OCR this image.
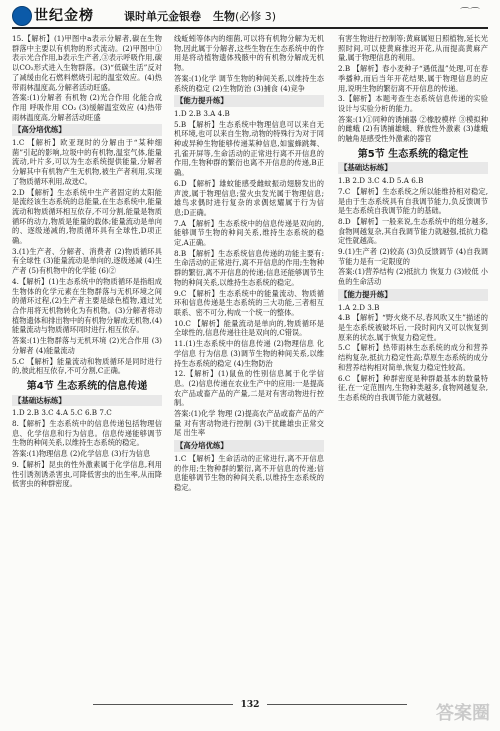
世纪金榜	课时单元金银卷 生物(必修 3)	⌒⌒

15.【解析】(1)甲图中a表示分解者,碳在生物群落中主要以有机物的形式流动。(2)甲图中①表示光合作用,b表示生产者,③表示呼吸作用,碳以CO₂形式进入生物群落。(3)“低碳生活”反对了减缓由化石燃料燃烧引起的温室效应。(4)热带雨林温度高,分解者活动旺盛。

答案:(1)分解者 有机物 (2)光合作用 化能合成作用 呼吸作用 CO₂ (3)缓解温室效应 (4)热带雨林温度高,分解者活动旺盛

【高分培优练】

1.C 【解析】欧亚现时的分解由于“某种细菌”引起的影响,垃圾中的有机物,温室气体,能量流动,叶片多,可以为生态系统提供能量,分解者分解其中有机物产生无机物,被生产者利用,实现了物质循环利用,故选C。

2.D 【解析】生态系统中生产者固定的太阳能是流经该生态系统的总能量,在生态系统中,能量流动和物质循环相互依存,不可分割,能量是物质循环的动力,物质是能量的载体;能量流动是单向的、逐级递减的,物质循环具有全球性,D项正确。

3.(1)生产者、分解者、消费者 (2)物质循环具有全球性 (3)能量流动是单向的,逐级递减 (4)生产者 (5)有机物中的化学能 (6)②

4.【解析】(1)生态系统中的物质循环是指组成生物体的化学元素在生物群落与无机环境之间的循环过程,(2)生产者主要是绿色植物,通过光合作用将无机物转化为有机物。(3)分解者将动植物遗体和排出物中的有机物分解成无机物,(4)能量流动与物质循环同时进行,相互依存。

答案:(1)生物群落与无机环境 (2)光合作用 (3)分解者 (4)能量流动

5.C 【解析】能量流动和物质循环是同时进行的,彼此相互依存,不可分割,C正确。

第4节 生态系统的信息传递
【基础达标练】

1.D 2.B 3.C 4.A 5.C 6.B 7.C

8.【解析】生态系统中的信息传递包括物理信息、化学信息和行为信息。信息传递能够调节生物的种间关系,以维持生态系统的稳定。

答案:(1)物理信息 (2)化学信息 (3)行为信息

9.【解析】昆虫的性外激素属于化学信息,利用性引诱剂诱杀害虫,可降低害虫的出生率,从而降低害虫的种群密度。

线蚯蚓等体内的细菌,可以将有机物分解为无机物,因此属于分解者,这些生物在生态系统中的作用是将动植物遗体残骸中的有机物分解成无机物。

答案:(1)化学 调节生物的种间关系,以维持生态系统的稳定 (2)生物防治 (3)捕食 (4)竞争

【能力提升练】

1.D 2.B 3.A 4.B

5.B 【解析】生态系统中物理信息可以来自无机环境,也可以来自生物,动物的特殊行为对于同种或异种生物能够传递某种信息,如蜜蜂跳舞、孔雀开屏等,生命活动的正常进行离不开信息的作用,生物种群的繁衍也离不开信息的传递,B正确。

6.D 【解析】雄蚊能感受雌蚊振动翅膀发出的声波,属于物理信息;萤火虫发光属于物理信息;雄鸟求偶时进行复杂的求偶炫耀属于行为信息;D正确。

7.A 【解析】生态系统中的信息传递是双向的,能够调节生物的种间关系,维持生态系统的稳定,A正确。

8.B 【解析】生态系统信息传递的功能主要有:生命活动的正常进行,离不开信息的作用;生物种群的繁衍,离不开信息的传递;信息还能够调节生物的种间关系,以维持生态系统的稳定。

9.C 【解析】生态系统中的能量流动、物质循环和信息传递是生态系统的三大功能,三者相互联系、密不可分,构成一个统一的整体。

10.C 【解析】能量流动是单向的,物质循环是全球性的,信息传递往往是双向的,C错误。

11.(1)生态系统中的信息传递 (2)物理信息 化学信息 行为信息 (3)调节生物的种间关系,以维持生态系统的稳定 (4)生物防治

12.【解析】(1)鼠鱼的性别信息属于化学信息。(2)信息传递在农业生产中的应用:一是提高农产品或畜产品的产量,二是对有害动物进行控制。

答案:(1)化学 物理 (2)提高农产品或畜产品的产量 对有害动物进行控制 (3)干扰雌雄虫正常交尾 出生率

【高分培优练】

1.C 【解析】生命活动的正常进行,离不开信息的作用;生物种群的繁衍,离不开信息的传递;信息能够调节生物的种间关系,以维持生态系统的稳定。

有害生物进行控制等;黄麻属短日照植物,延长光照时间,可以使黄麻推迟开花,从而提高黄麻产量,属于物理信息的利用。

2.B 【解析】春小麦种子“遇低温”处理,可在春季播种,而后当年开花结果,属于物理信息的应用,说明生物的繁衍离不开信息的传递。

3.【解析】本题考查生态系统信息传递的实验设计与实验分析的能力。

答案:(1)①同种的诱捕器 ②橡胶模样 ③模拟种的雌蛾 (2)有诱捕雄蛾、释放性外激素 (3)雄蛾的触角是感受性外激素的器官

第5节 生态系统的稳定性
【基础达标练】

1.B 2.D 3.C 4.D 5.A 6.B

7.C 【解析】生态系统之所以能维持相对稳定,是由于生态系统具有自我调节能力,负反馈调节是生态系统自我调节能力的基础。

8.D 【解析】一般来说,生态系统中的组分越多,食物网越复杂,其自我调节能力就越强,抵抗力稳定性就越高。

9.(1)生产者 (2)较高 (3)负反馈调节 (4)自我调节能力是有一定限度的

答案:(1)营养结构 (2)抵抗力 恢复力 (3)较低 小鱼的生命活动

【能力提升练】

1.A 2.D 3.B

4.B 【解析】“野火烧不尽,春风吹又生”描述的是生态系统被破坏后,一段时间内又可以恢复到原来的状态,属于恢复力稳定性。

5.C 【解析】热带雨林生态系统的成分和营养结构复杂,抵抗力稳定性高;草原生态系统的成分和营养结构相对简单,恢复力稳定性较高。

6.C 【解析】种群密度是种群最基本的数量特征,在一定范围内,生物种类越多,食物网越复杂,生态系统的自我调节能力就越强。

132	答案圈
